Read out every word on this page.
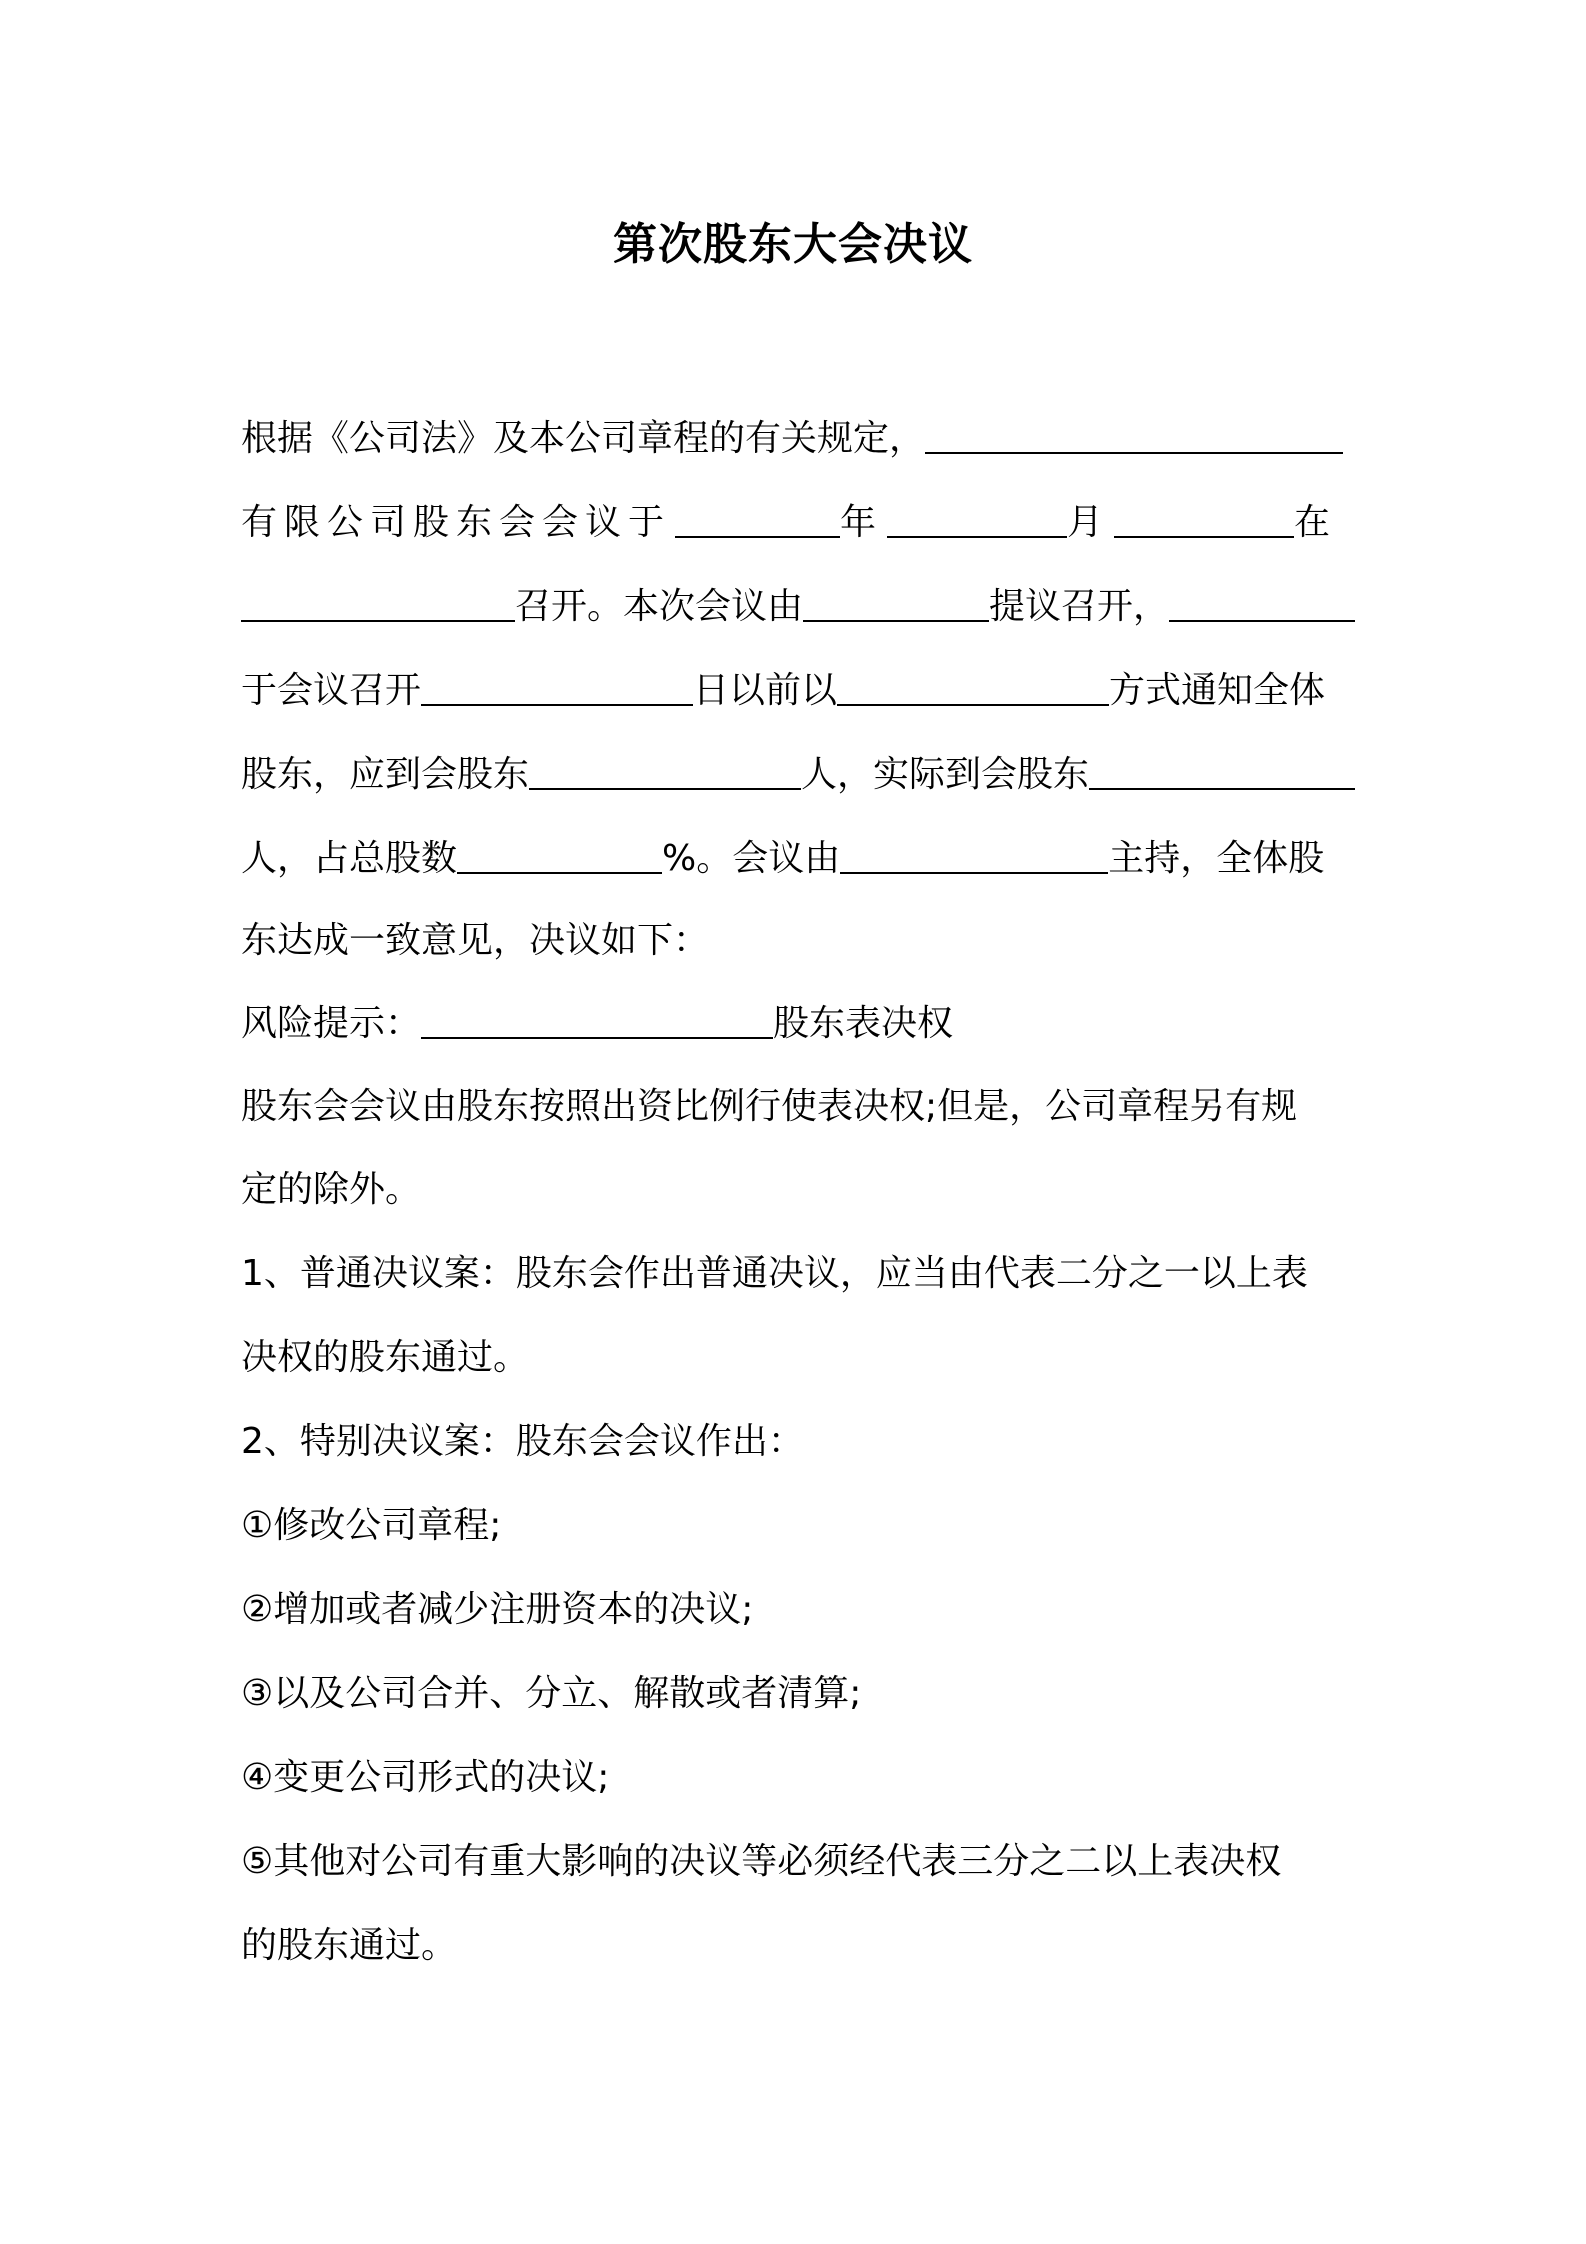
第次股东大会决议
根据《公司法》及本公司章程的有关规定，
有限公司股东会会议于	年	月	在
召开。本次会议由	提议召开，
于会议召开	日以前以	方式通知全体
股东，应到会股东	人，实际到会股东
人，占总股数	%。会议由	主持，全体股
东达成一致意见，决议如下：
风险提示：	股东表决权
股东会会议由股东按照出资比例行使表决权;但是，公司章程另有规
定的除外。
1、普通决议案：股东会作出普通决议，应当由代表二分之一以上表
决权的股东通过。
2、特别决议案：股东会会议作出：
①修改公司章程;
②增加或者减少注册资本的决议;
③以及公司合并、分立、解散或者清算;
④变更公司形式的决议;
⑤其他对公司有重大影响的决议等必须经代表三分之二以上表决权
的股东通过。
